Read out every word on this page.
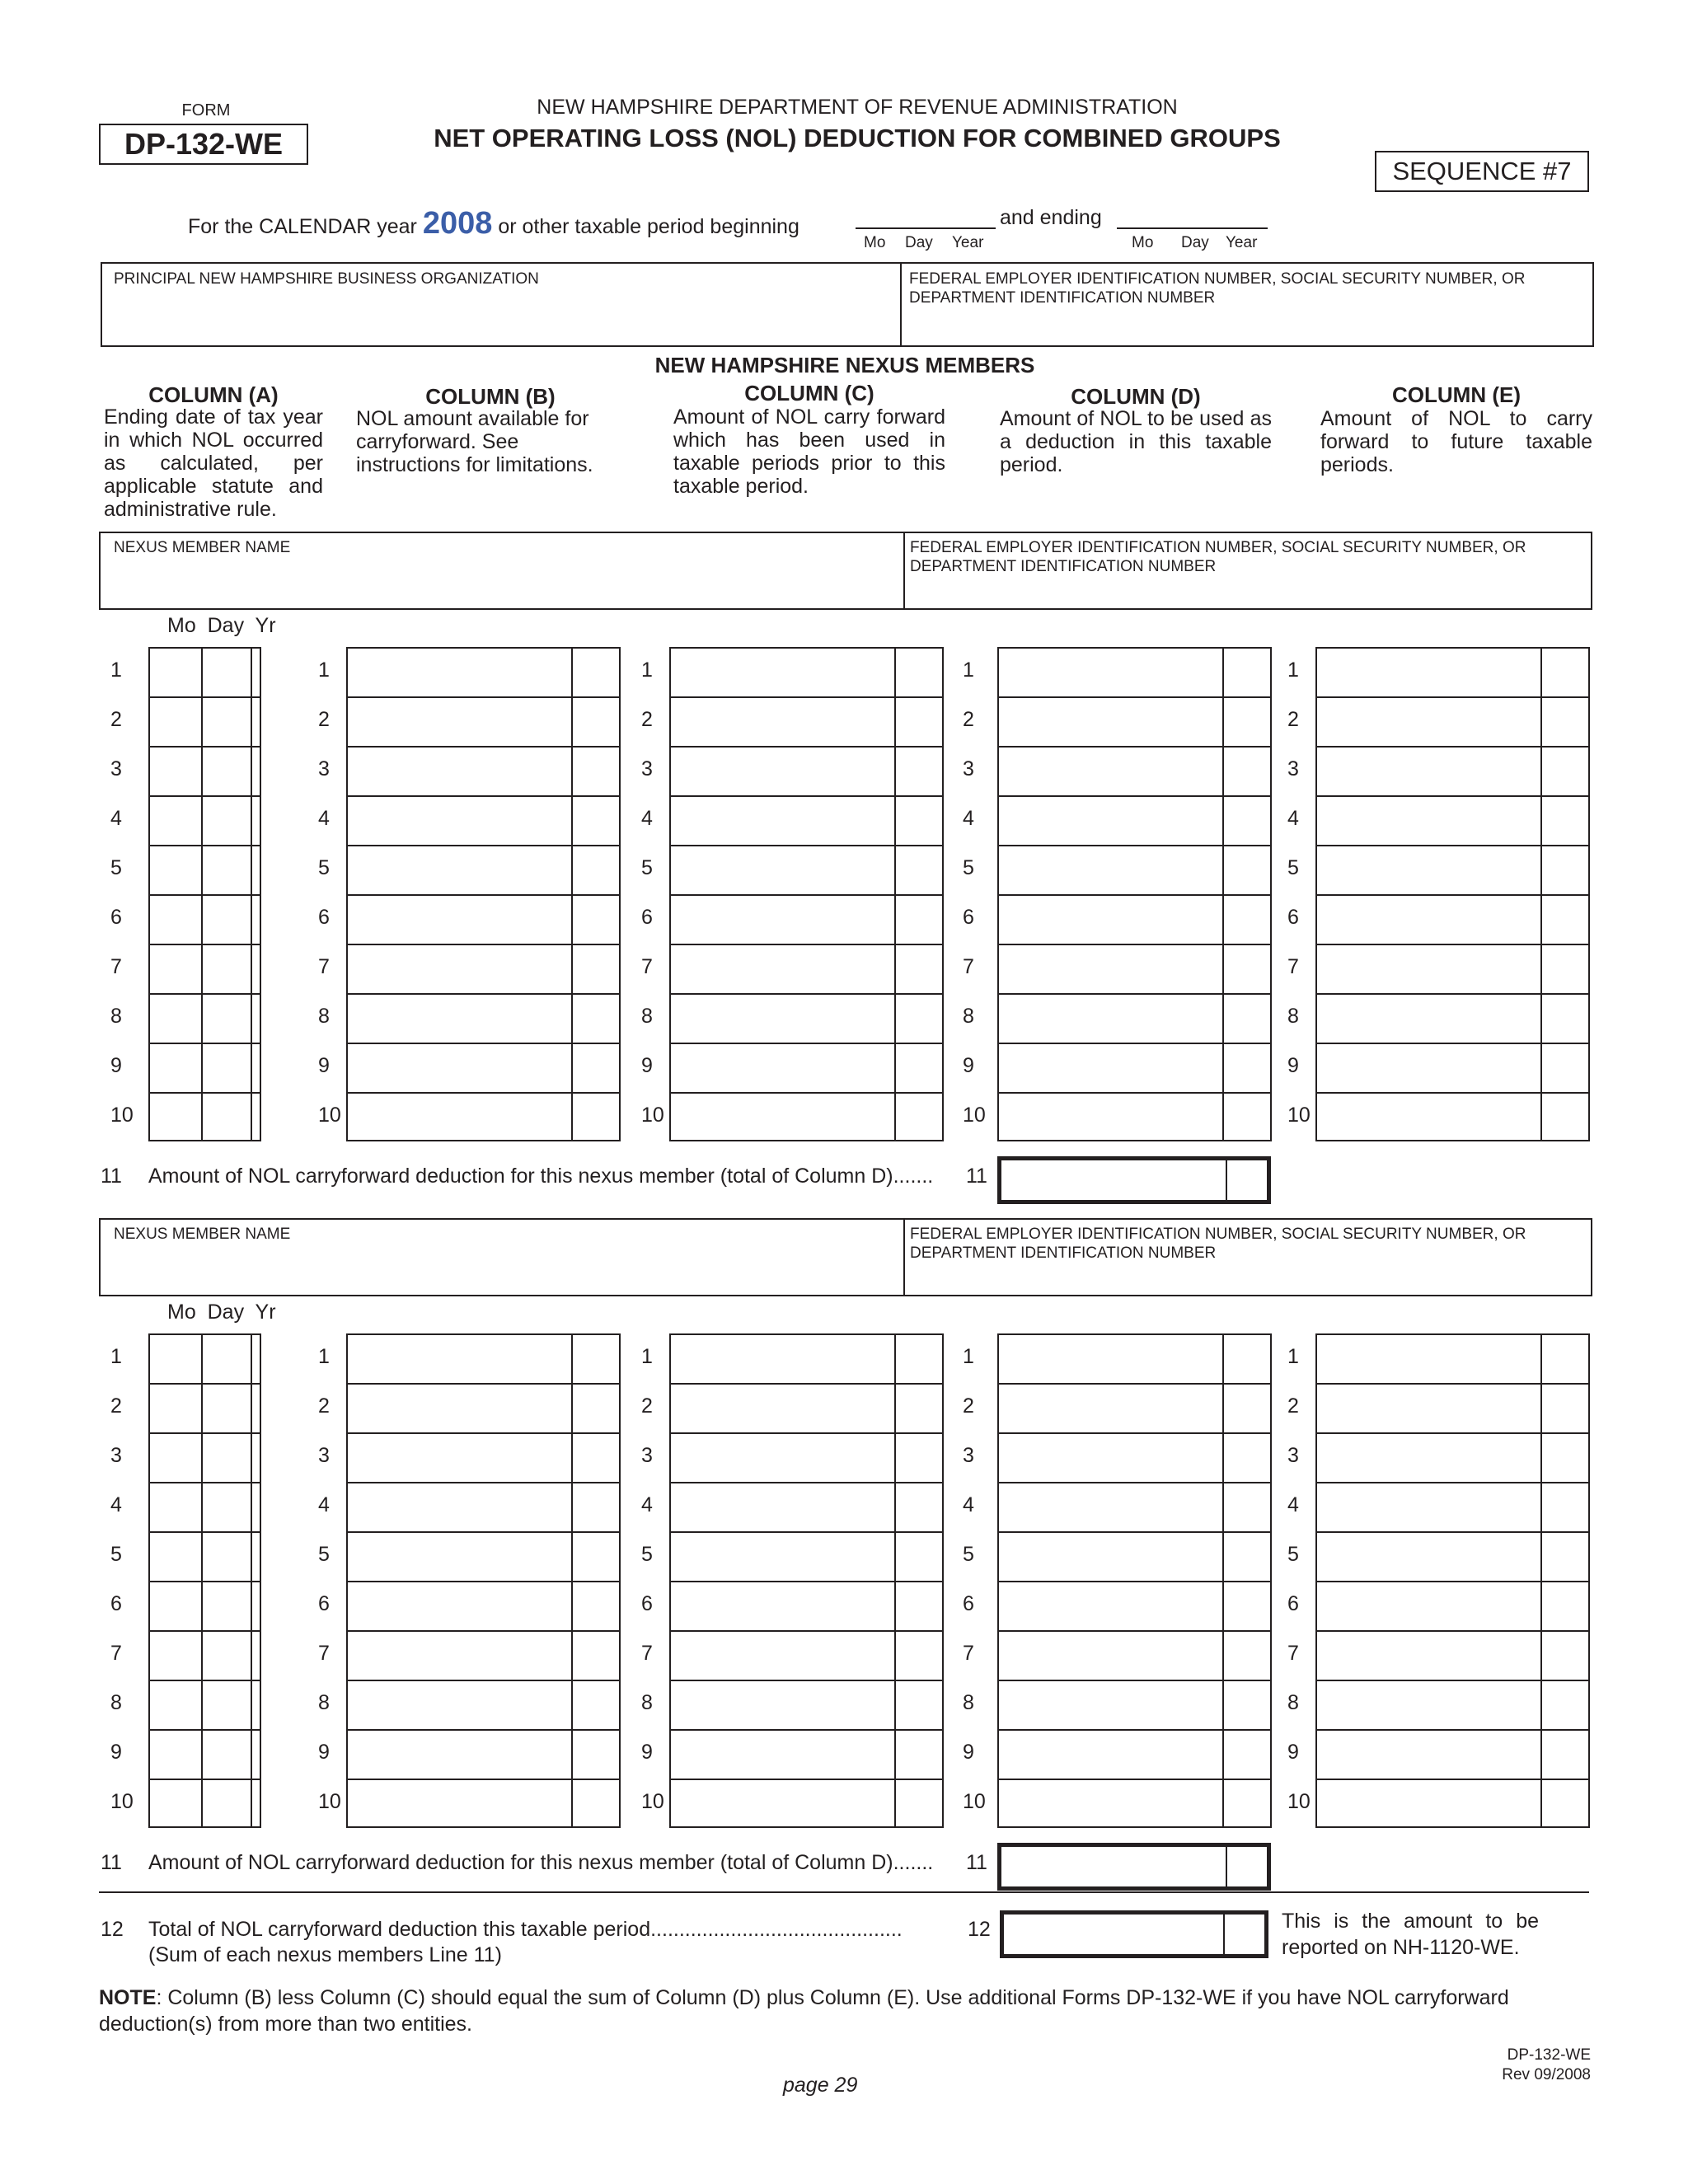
FORM
DP-132-WE
NEW HAMPSHIRE DEPARTMENT OF REVENUE ADMINISTRATION
NET OPERATING LOSS (NOL) DEDUCTION FOR COMBINED GROUPS
SEQUENCE #7
For the CALENDAR year 2008 or other taxable period beginning	and ending
Mo Day Year	Mo Day Year
PRINCIPAL NEW HAMPSHIRE BUSINESS ORGANIZATION	FEDERAL EMPLOYER IDENTIFICATION NUMBER, SOCIAL SECURITY NUMBER, OR DEPARTMENT IDENTIFICATION NUMBER
NEW HAMPSHIRE NEXUS MEMBERS
COLUMN (A)
Ending date of tax year in which NOL occurred as calculated, per applicable statute and administrative rule.
COLUMN (B)
NOL amount available for carryforward. See instructions for limitations.
COLUMN (C)
Amount of NOL carry forward which has been used in taxable periods prior to this taxable period.
COLUMN (D)
Amount of NOL to be used as a deduction in this taxable period.
COLUMN (E)
Amount of NOL to carry forward to future taxable periods.
NEXUS MEMBER NAME	FEDERAL EMPLOYER IDENTIFICATION NUMBER, SOCIAL SECURITY NUMBER, OR DEPARTMENT IDENTIFICATION NUMBER
Mo  Day  Yr
1	1	1	1	1
2	2	2	2	2
3	3	3	3	3
4	4	4	4	4
5	5	5	5	5
6	6	6	6	6
7	7	7	7	7
8	8	8	8	8
9	9	9	9	9
10	10	10	10	10
11 Amount of NOL carryforward deduction for this nexus member (total of Column D)....... 11
NEXUS MEMBER NAME	FEDERAL EMPLOYER IDENTIFICATION NUMBER, SOCIAL SECURITY NUMBER, OR DEPARTMENT IDENTIFICATION NUMBER
Mo  Day  Yr
1	1	1	1	1
2	2	2	2	2
3	3	3	3	3
4	4	4	4	4
5	5	5	5	5
6	6	6	6	6
7	7	7	7	7
8	8	8	8	8
9	9	9	9	9
10	10	10	10	10
11 Amount of NOL carryforward deduction for this nexus member (total of Column D)....... 11
12 Total of NOL carryforward deduction this taxable period............................................	12
(Sum of each nexus members Line 11)
This is the amount to be reported on NH-1120-WE.
NOTE: Column (B) less Column (C) should equal the sum of Column (D) plus Column (E). Use additional Forms DP-132-WE if you have NOL carryforward deduction(s) from more than two entities.
page 29
DP-132-WE
Rev 09/2008
